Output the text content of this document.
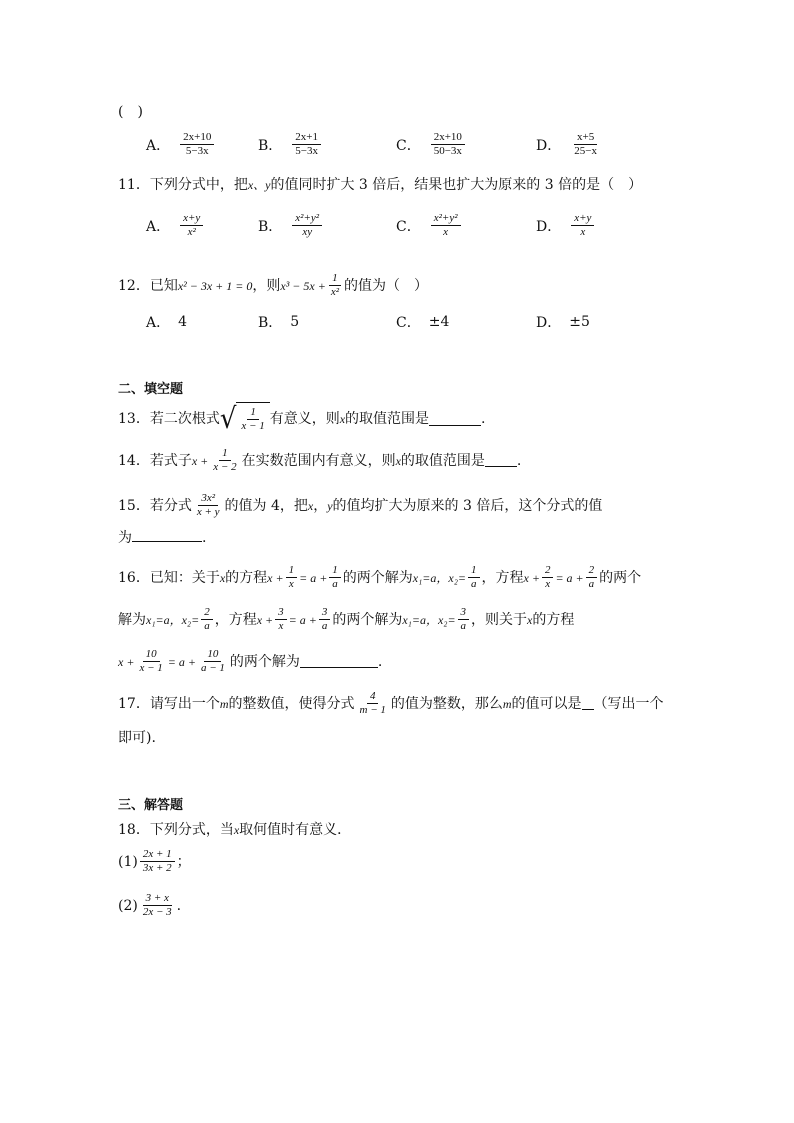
(　)
A．
2x+10
5−3x	B．
2x+1
5−3x	C．
2x+10
50−3x	D．
x+5
25−x
11．下列分式中，把x、y的值同时扩大 3 倍后，结果也扩大为原来的 3 倍的是（　）
A．
x+y
x²	B．
x²+y²
xy	C．
x²+y²
x	D．
x+y
x
12．已知 x² − 3x + 1 = 0 ，则 $x^3 - 5x + \frac{1}{\text{x²}}$ 的值为（　）
A． 4	B． 5	C． ±4	D． ±5
二、填空题
13．若二次根式 √ 1
x − 1 有意义，则 x 的取值范围是	.
14．若式子 $x + \frac{1}{x - 2}$ 在实数范围内有意义，则 x 的取值范围是 .
15．若分式 3x²
x + y 的值为 4，把 x ， y 的值均扩大为原来的 3 倍后，这个分式的值
为	.
16．已知：关于 x 的方程 $x + \frac{1}{x} = a + \frac{1}{a}$ 的两个解为 x₁=a，$x_2= \frac{1}{a}$ ，方程 $x + \frac{2}{x} = a + \frac{2}{a}$ 的两个
解为 x₁=a，$x_2= \frac{2}{a}$ ，方程 $x + \frac{3}{x} = a + \frac{3}{a}$ 的两个解为 x₁=a，$x_2= \frac{3}{a}$ ，则关于 x 的方程
$x + \frac{10}{x - 1} = a + \frac{10}{a - 1}$ 的两个解为	.
17．请写出一个 m 的整数值，使得分式 4
m − 1 的值为整数，那么 m 的值可以是 （写出一个
即可).
三、解答题
18．下列分式，当x取何值时有意义．
(1) 2x + 1
3x + 2 ；
(2) 3 + x
2x − 3 .
